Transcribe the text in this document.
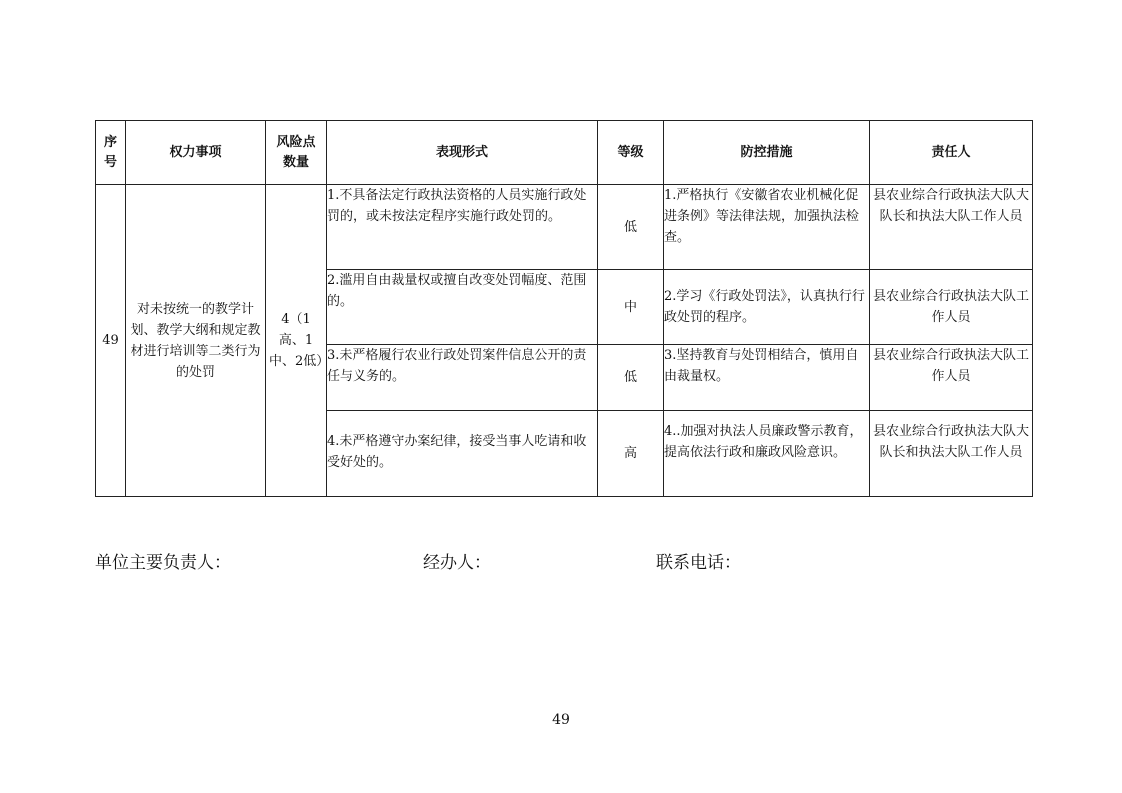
序号	权力事项	风险点数量	表现形式	等级	防控措施	责任人
49	对未按统一的教学计划、教学大纲和规定教材进行培训等二类行为的处罚	4（1高、1中、2低）	1.不具备法定行政执法资格的人员实施行政处罚的，或未按法定程序实施行政处罚的。	低	1.严格执行《安徽省农业机械化促进条例》等法律法规，加强执法检查。	县农业综合行政执法大队大队长和执法大队工作人员
			2.滥用自由裁量权或擅自改变处罚幅度、范围的。	中	2.学习《行政处罚法》，认真执行行政处罚的程序。	县农业综合行政执法大队工作人员
			3.未严格履行农业行政处罚案件信息公开的责任与义务的。	低	3.坚持教育与处罚相结合，慎用自由裁量权。	县农业综合行政执法大队工作人员
			4.未严格遵守办案纪律，接受当事人吃请和收受好处的。	高	4..加强对执法人员廉政警示教育，提高依法行政和廉政风险意识。	县农业综合行政执法大队大队长和执法大队工作人员
单位主要负责人：	经办人：	联系电话：
49
